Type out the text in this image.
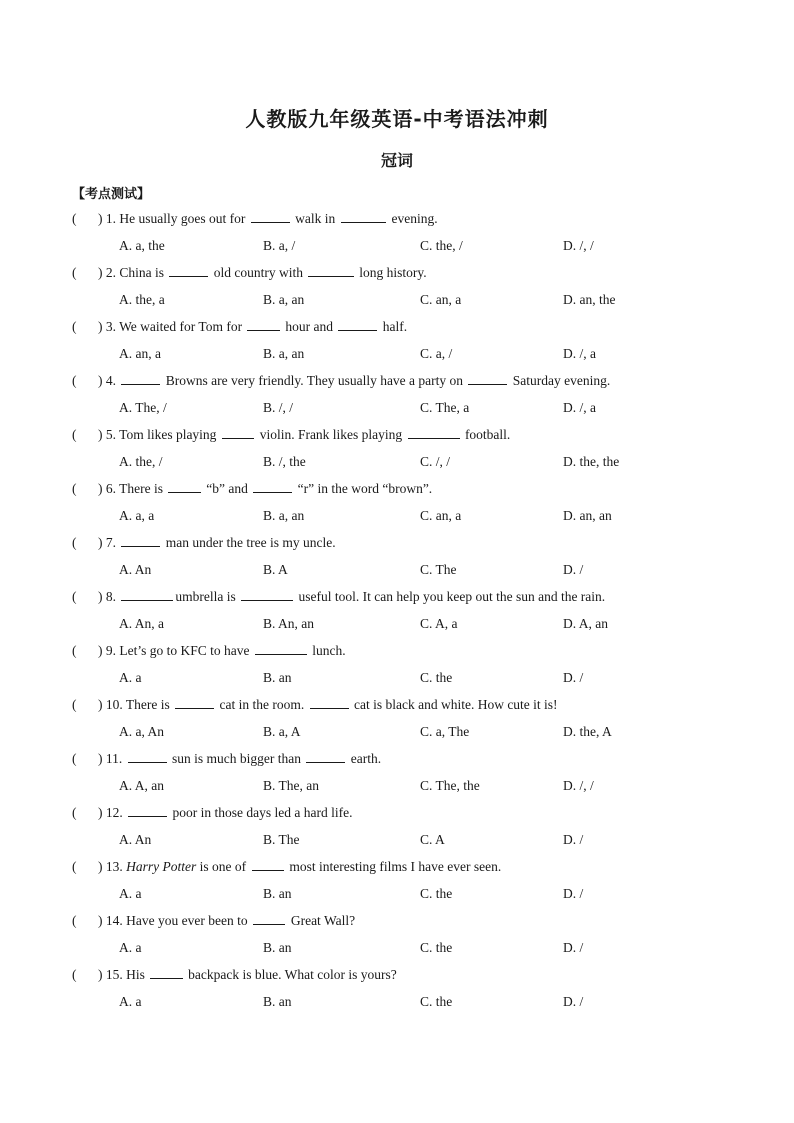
人教版九年级英语-中考语法冲刺
冠词
【考点测试】
( ) 1. He usually goes out for	walk in	evening.
A. a, the	B. a, /	C. the, /	D. /, /
( ) 2. China is	old country with	long history.
A. the, a	B. a, an	C. an, a	D. an, the
( ) 3. We waited for Tom for	hour and	half.
A. an, a	B. a, an	C. a, /	D. /, a
( ) 4.	Browns are very friendly. They usually have a party on	Saturday evening.
A. The, /	B. /, /	C. The, a	D. /, a
( ) 5. Tom likes playing	violin. Frank likes playing	football.
A. the, /	B. /, the	C. /, /	D. the, the
( ) 6. There is	“b” and	“r” in the word “brown”.
A. a, a	B. a, an	C. an, a	D. an, an
( ) 7.	man under the tree is my uncle.
A. An	B. A	C. The	D. /
( ) 8.	umbrella is	useful tool. It can help you keep out the sun and the rain.
A. An, a	B. An, an	C. A, a	D. A, an
( ) 9. Let’s go to KFC to have	lunch.
A. a	B. an	C. the	D. /
( ) 10. There is	cat in the room.	cat is black and white. How cute it is!
A. a, An	B. a, A	C. a, The	D. the, A
( ) 11.	sun is much bigger than	earth.
A. A, an	B. The, an	C. The, the	D. /, /
( ) 12.	poor in those days led a hard life.
A. An	B. The	C. A	D. /
( ) 13. Harry Potter is one of	most interesting films I have ever seen.
A. a	B. an	C. the	D. /
( ) 14. Have you ever been to	Great Wall?
A. a	B. an	C. the	D. /
( ) 15. His	backpack is blue. What color is yours?
A. a	B. an	C. the	D. /
